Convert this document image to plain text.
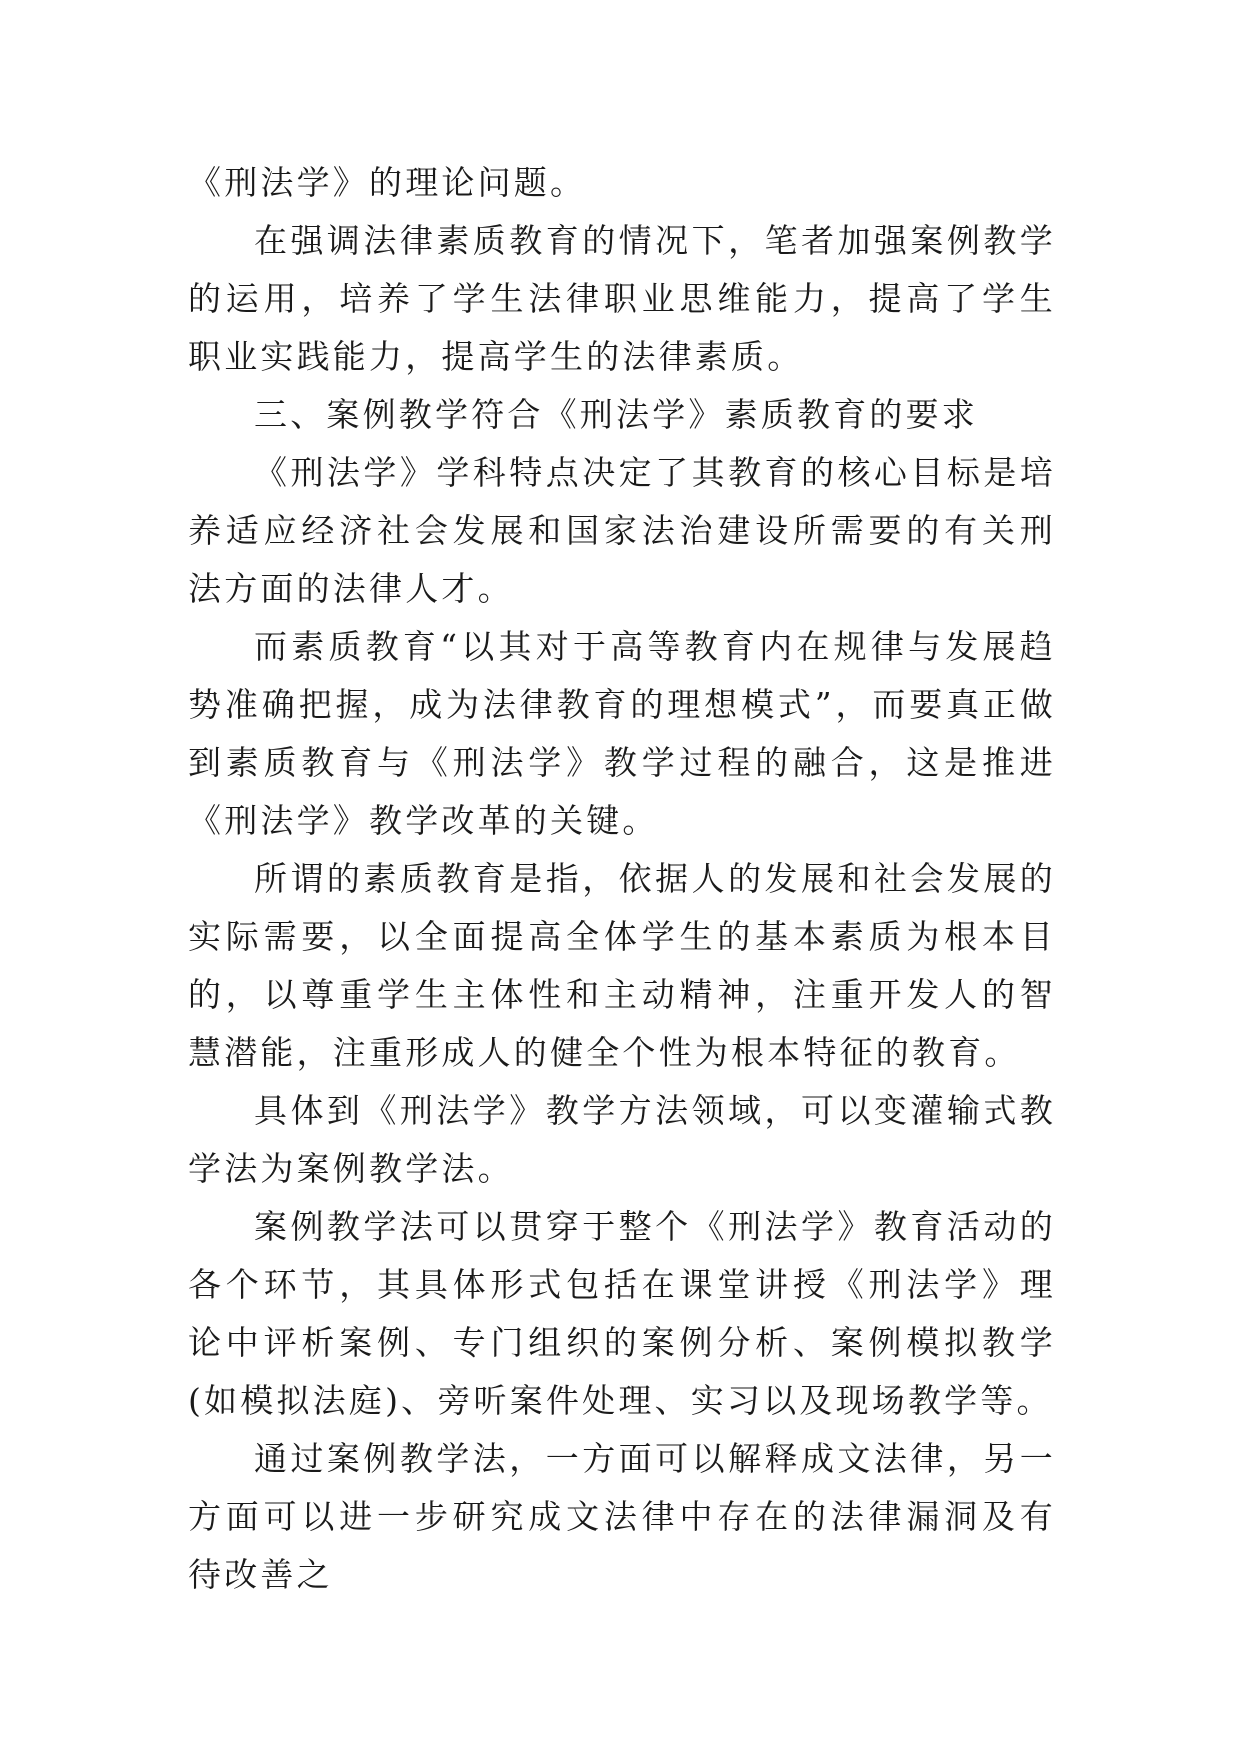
《刑法学》的理论问题。

在强调法律素质教育的情况下，笔者加强案例教学的运用，培养了学生法律职业思维能力，提高了学生职业实践能力，提高学生的法律素质。

三、案例教学符合《刑法学》素质教育的要求

《刑法学》学科特点决定了其教育的核心目标是培养适应经济社会发展和国家法治建设所需要的有关刑法方面的法律人才。

而素质教育“以其对于高等教育内在规律与发展趋势准确把握，成为法律教育的理想模式”，而要真正做到素质教育与《刑法学》教学过程的融合，这是推进《刑法学》教学改革的关键。

所谓的素质教育是指，依据人的发展和社会发展的实际需要，以全面提高全体学生的基本素质为根本目的，以尊重学生主体性和主动精神，注重开发人的智慧潜能，注重形成人的健全个性为根本特征的教育。

具体到《刑法学》教学方法领域，可以变灌输式教学法为案例教学法。

案例教学法可以贯穿于整个《刑法学》教育活动的各个环节，其具体形式包括在课堂讲授《刑法学》理论中评析案例、专门组织的案例分析、案例模拟教学(如模拟法庭)、旁听案件处理、实习以及现场教学等。

通过案例教学法，一方面可以解释成文法律，另一方面可以进一步研究成文法律中存在的法律漏洞及有待改善之
